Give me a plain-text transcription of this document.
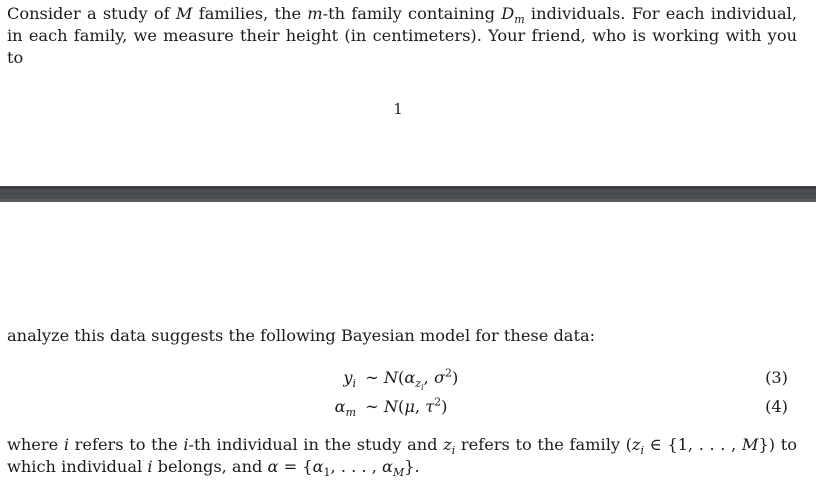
Consider a study of M families, the m-th family containing $D_m$ individuals. For each individual,
in each family, we measure their height (in centimeters). Your friend, who is working with you to

1

analyze this data suggests the following Bayesian model for these data:

$y_i$ ∼ $N(\alpha_{z_i}$, $\sigma^2$)	(3)
$\alpha_m$ ∼ N(μ, $\tau^2$)	(4)

where i refers to the i-th individual in the study and $z_i$ refers to the family ($z_i$ ∈ {1, . . . , M}) to
which individual i belongs, and $\alpha = \{\alpha_1$, . . . , $\alpha_M$}.
